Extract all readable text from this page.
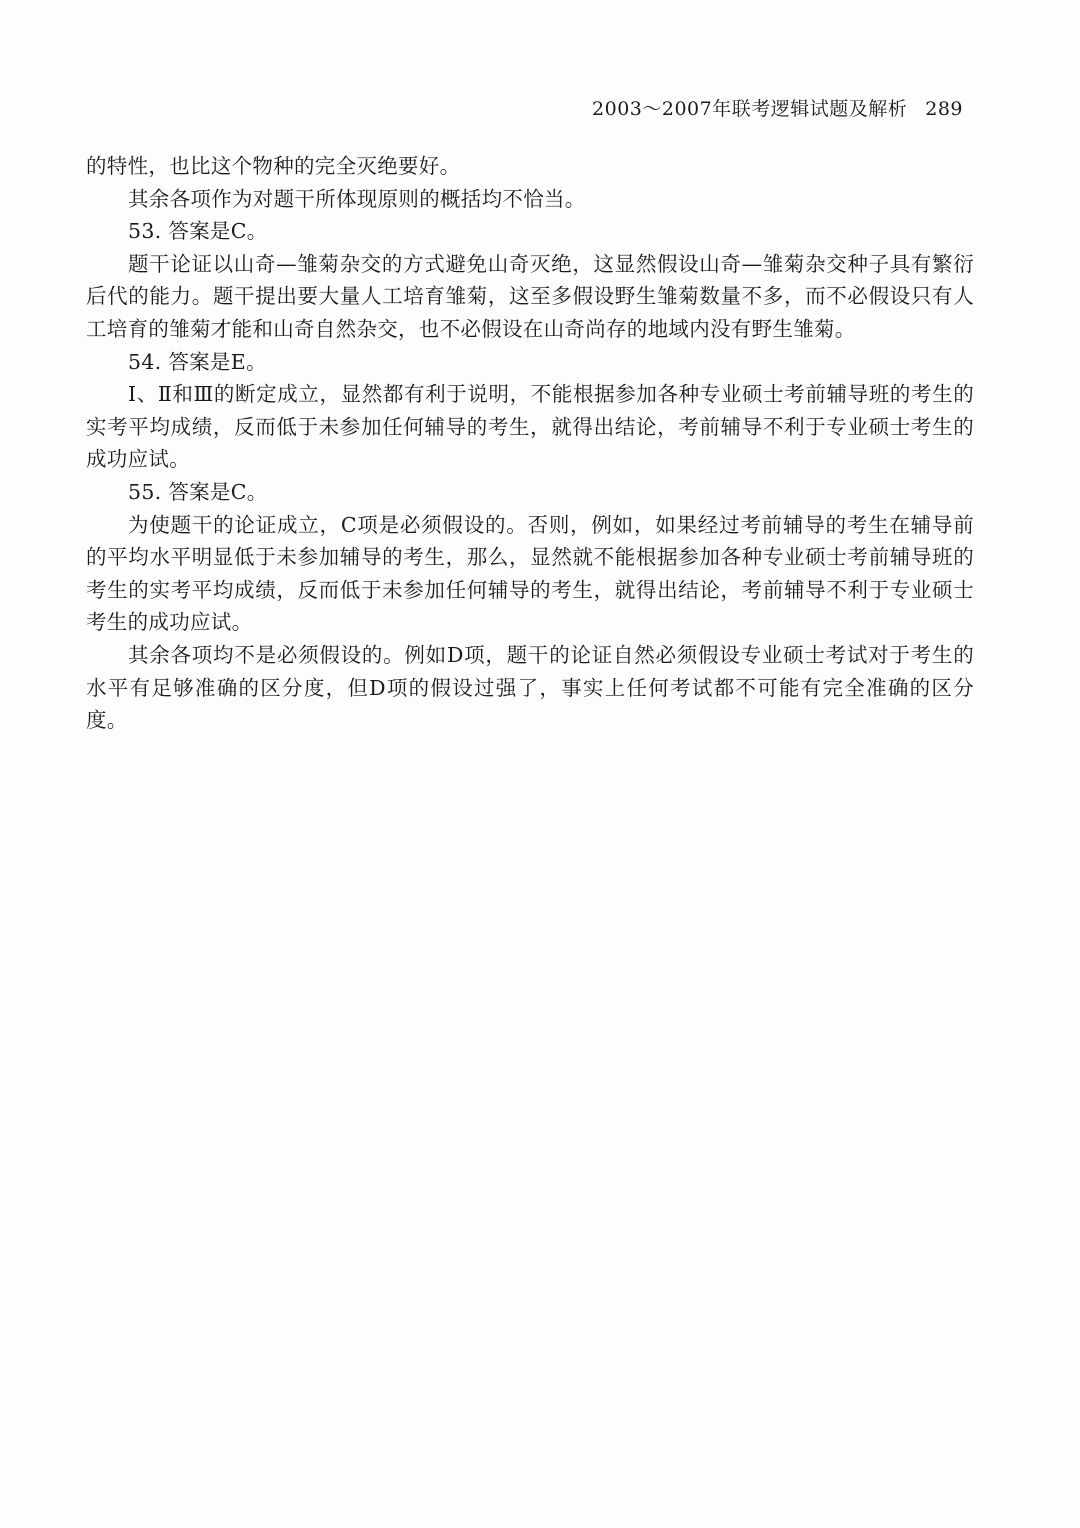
2003～2007年联考逻辑试题及解析 289

的特性，也比这个物种的完全灭绝要好。

其余各项作为对题干所体现原则的概括均不恰当。

53. 答案是C。

题干论证以山奇—雏菊杂交的方式避免山奇灭绝，这显然假设山奇—雏菊杂交种子具有繁衍后代的能力。题干提出要大量人工培育雏菊，这至多假设野生雏菊数量不多，而不必假设只有人工培育的雏菊才能和山奇自然杂交，也不必假设在山奇尚存的地域内没有野生雏菊。

54. 答案是E。

Ⅰ、Ⅱ和Ⅲ的断定成立，显然都有利于说明，不能根据参加各种专业硕士考前辅导班的考生的实考平均成绩，反而低于未参加任何辅导的考生，就得出结论，考前辅导不利于专业硕士考生的成功应试。

55. 答案是C。

为使题干的论证成立，C项是必须假设的。否则，例如，如果经过考前辅导的考生在辅导前的平均水平明显低于未参加辅导的考生，那么，显然就不能根据参加各种专业硕士考前辅导班的考生的实考平均成绩，反而低于未参加任何辅导的考生，就得出结论，考前辅导不利于专业硕士考生的成功应试。

其余各项均不是必须假设的。例如D项，题干的论证自然必须假设专业硕士考试对于考生的水平有足够准确的区分度，但D项的假设过强了，事实上任何考试都不可能有完全准确的区分度。
